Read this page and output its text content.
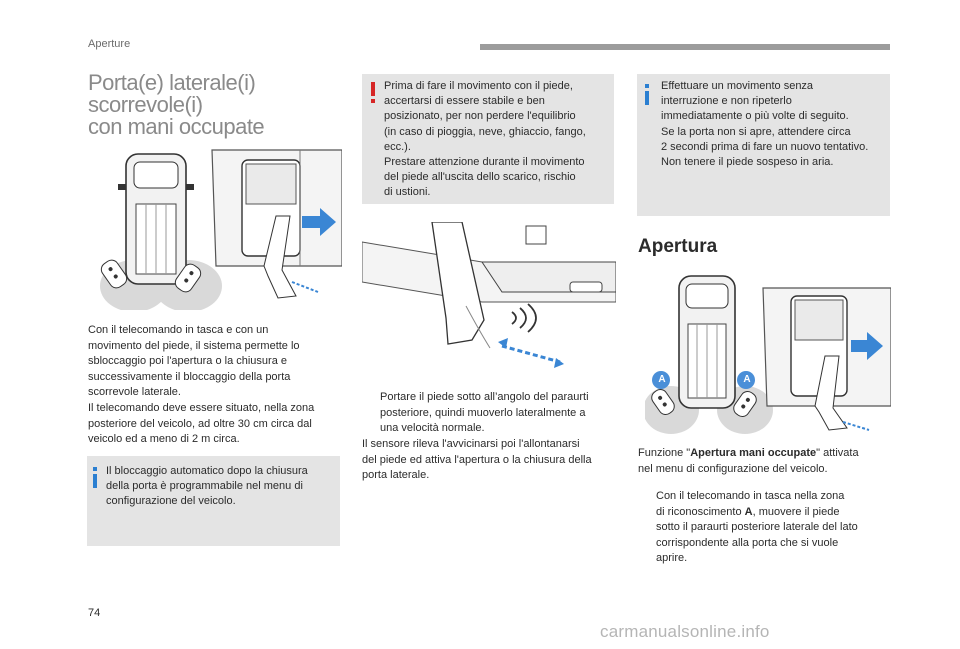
Aperture
Porta(e) laterale(i) scorrevole(i)
con mani occupate

Con il telecomando in tasca e con un

movimento del piede, il sistema permette lo

sbloccaggio poi l'apertura o la chiusura e

successivamente il bloccaggio della porta

scorrevole laterale.

Il telecomando deve essere situato, nella zona

posteriore del veicolo, ad oltre 30 cm circa dal

veicolo ed a meno di 2 m circa.

Il bloccaggio automatico dopo la chiusura

della porta è programmabile nel menu di

configurazione del veicolo.

Prima di fare il movimento con il piede,

accertarsi di essere stabile e ben

posizionato, per non perdere l'equilibrio

(in caso di pioggia, neve, ghiaccio, fango,

ecc.).

Prestare attenzione durante il movimento

del piede all'uscita dello scarico, rischio

di ustioni.

Portare il piede sotto all’angolo del paraurti

posteriore, quindi muoverlo lateralmente a

una velocità normale.

Il sensore rileva l'avvicinarsi poi l'allontanarsi

del piede ed attiva l'apertura o la chiusura della

porta laterale.

Effettuare un movimento senza

interruzione e non ripeterlo

immediatamente o più volte di seguito.

Se la porta non si apre, attendere circa

2 secondi prima di fare un nuovo tentativo.

Non tenere il piede sospeso in aria.

Apertura
A	A

Funzione "Apertura mani occupate" attivata

nel menu di configurazione del veicolo.

Con il telecomando in tasca nella zona

di riconoscimento A, muovere il piede

sotto il paraurti posteriore laterale del lato

corrispondente alla porta che si vuole

aprire.

74
carmanualsonline.info
